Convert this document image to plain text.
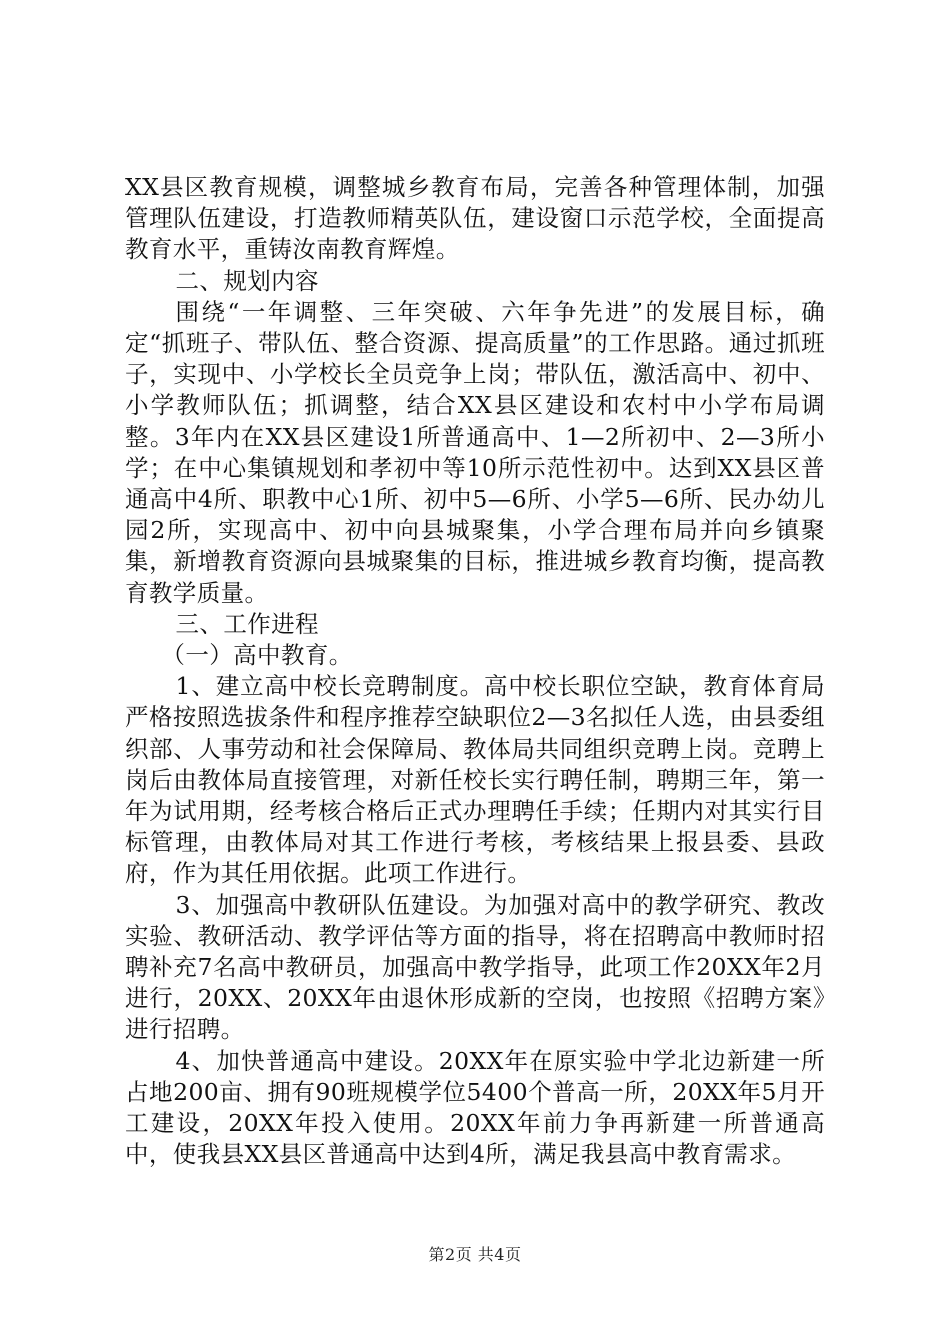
XX县区教育规模，调整城乡教育布局，完善各种管理体制，加强管理队伍建设，打造教师精英队伍，建设窗口示范学校，全面提高教育水平，重铸汝南教育辉煌。

二、规划内容

围绕“一年调整、三年突破、六年争先进”的发展目标，确定“抓班子、带队伍、整合资源、提高质量”的工作思路。通过抓班子，实现中、小学校长全员竞争上岗；带队伍，激活高中、初中、小学教师队伍；抓调整，结合XX县区建设和农村中小学布局调整。3年内在XX县区建设1所普通高中、1—2所初中、2—3所小学；在中心集镇规划和孝初中等10所示范性初中。达到XX县区普通高中4所、职教中心1所、初中5—6所、小学5—6所、民办幼儿园2所，实现高中、初中向县城聚集，小学合理布局并向乡镇聚集，新增教育资源向县城聚集的目标，推进城乡教育均衡，提高教育教学质量。

三、工作进程

（一）高中教育。

1、建立高中校长竞聘制度。高中校长职位空缺，教育体育局严格按照选拔条件和程序推荐空缺职位2—3名拟任人选，由县委组织部、人事劳动和社会保障局、教体局共同组织竞聘上岗。竞聘上岗后由教体局直接管理，对新任校长实行聘任制，聘期三年，第一年为试用期，经考核合格后正式办理聘任手续；任期内对其实行目标管理，由教体局对其工作进行考核，考核结果上报县委、县政府，作为其任用依据。此项工作进行。

3、加强高中教研队伍建设。为加强对高中的教学研究、教改实验、教研活动、教学评估等方面的指导，将在招聘高中教师时招聘补充7名高中教研员，加强高中教学指导，此项工作20XX年2月进行，20XX、20XX年由退休形成新的空岗，也按照《招聘方案》进行招聘。

4、加快普通高中建设。20XX年在原实验中学北边新建一所占地200亩、拥有90班规模学位5400个普高一所，20XX年5月开工建设，20XX年投入使用。20XX年前力争再新建一所普通高中，使我县XX县区普通高中达到4所，满足我县高中教育需求。

第2页 共4页
